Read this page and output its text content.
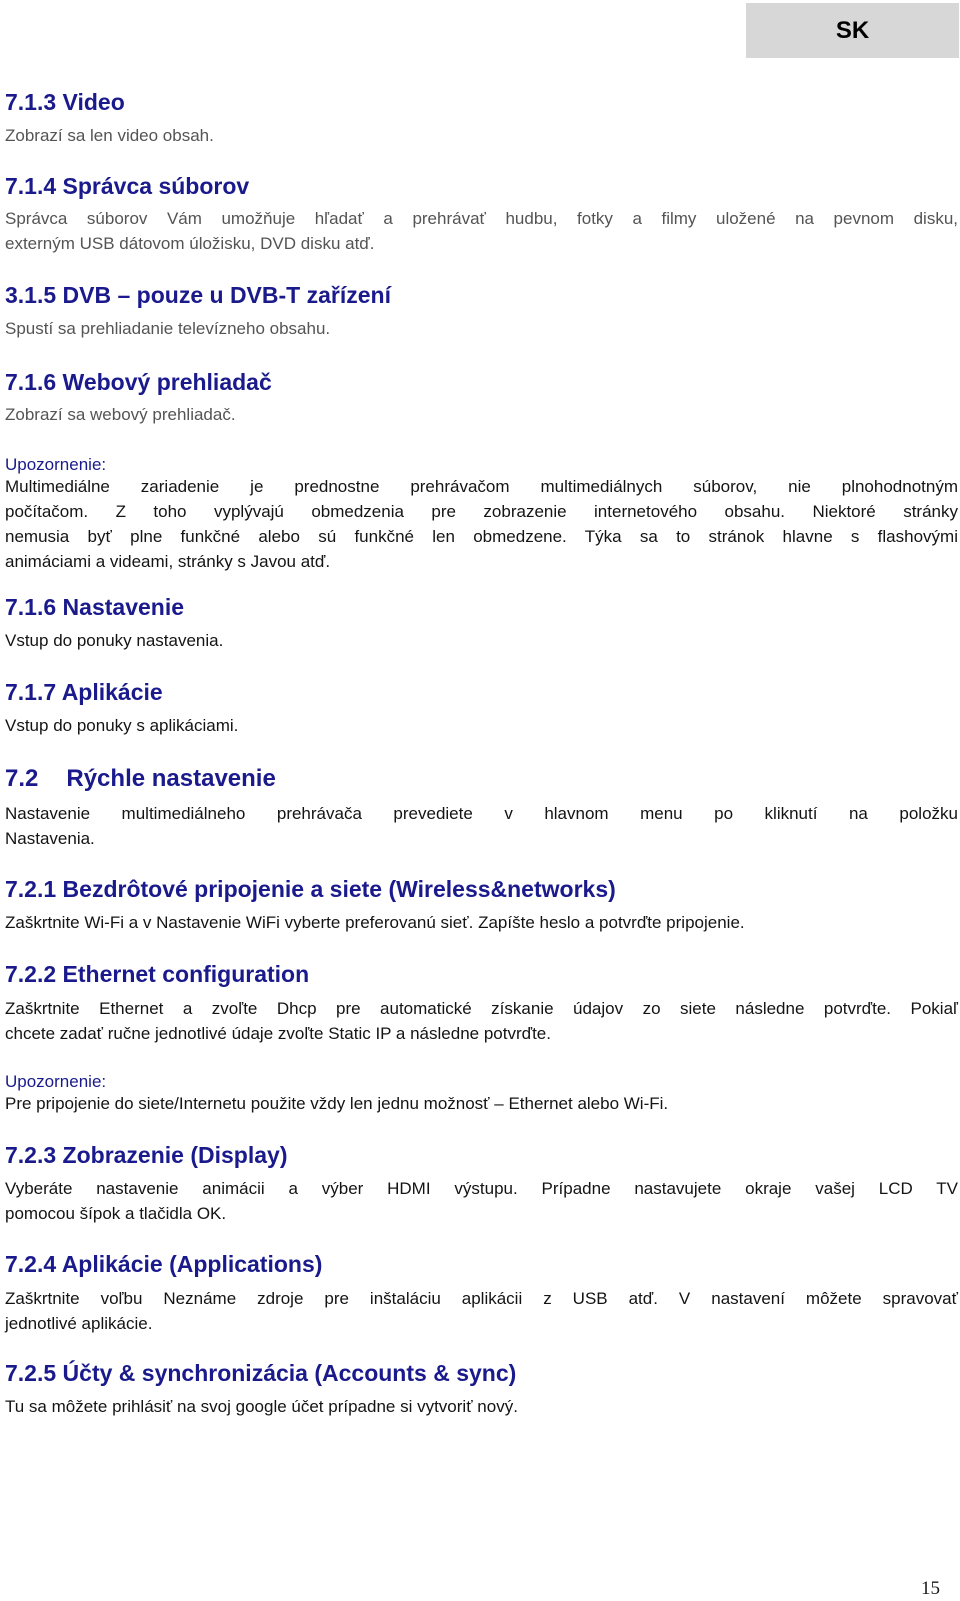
SK
7.1.3 Video

Zobrazí sa len video obsah.

7.1.4 Správca súborov
Správca súborov Vám umožňuje hľadať a prehrávať hudbu, fotky a filmy uložené na pevnom disku,
externým USB dátovom úložisku, DVD disku atď.
3.1.5 DVB – pouze u DVB-T zařízení

Spustí sa prehliadanie televízneho obsahu.

7.1.6 Webový prehliadač

Zobrazí sa webový prehliadač.

Upozornenie:

Multimediálne zariadenie je prednostne prehrávačom multimediálnych súborov, nie plnohodnotným
počítačom. Z toho vyplývajú obmedzenia pre zobrazenie internetového obsahu. Niektoré stránky
nemusia byť plne funkčné alebo sú funkčné len obmedzene. Týka sa to stránok hlavne s flashovými
animáciami a videami, stránky s Javou atď.
7.1.6 Nastavenie

Vstup do ponuky nastavenia.

7.1.7 Aplikácie

Vstup do ponuky s aplikáciami.

7.2 Rýchle nastavenie
Nastavenie multimediálneho prehrávača prevediete v hlavnom menu po kliknutí na položku
Nastavenia.
7.2.1 Bezdrôtové pripojenie a siete (Wireless&networks)

Zaškrtnite Wi-Fi a v Nastavenie WiFi vyberte preferovanú sieť. Zapíšte heslo a potvrďte pripojenie.

7.2.2 Ethernet configuration
Zaškrtnite Ethernet a zvoľte Dhcp pre automatické získanie údajov zo siete následne potvrďte. Pokiaľ
chcete zadať ručne jednotlivé údaje zvoľte Static IP a následne potvrďte.

Upozornenie:

Pre pripojenie do siete/Internetu použite vždy len jednu možnosť – Ethernet alebo Wi-Fi.

7.2.3 Zobrazenie (Display)
Vyberáte nastavenie animácii a výber HDMI výstupu. Prípadne nastavujete okraje vašej LCD TV
pomocou šípok a tlačidla OK.
7.2.4 Aplikácie (Applications)
Zaškrtnite voľbu Neznáme zdroje pre inštaláciu aplikácii z USB atď. V nastavení môžete spravovať
jednotlivé aplikácie.
7.2.5 Účty & synchronizácia (Accounts & sync)

Tu sa môžete prihlásiť na svoj google účet prípadne si vytvoriť nový.

15
